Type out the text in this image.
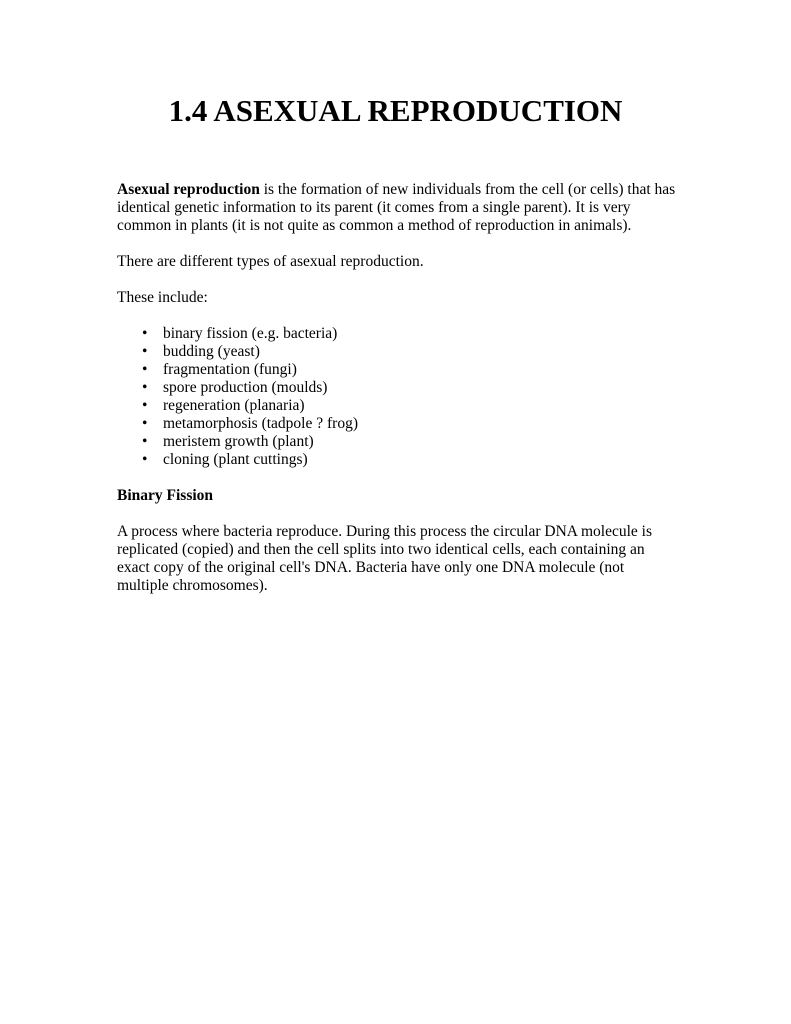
1.4 ASEXUAL REPRODUCTION

Asexual reproduction is the formation of new individuals from the cell (or cells) that has identical genetic information to its parent (it comes from a single parent). It is very common in plants (it is not quite as common a method of reproduction in animals).

There are different types of asexual reproduction.

These include:

• binary fission (e.g. bacteria)
• budding (yeast)
• fragmentation (fungi)
• spore production (moulds)
• regeneration (planaria)
• metamorphosis (tadpole ? frog)
• meristem growth (plant)
• cloning (plant cuttings)

Binary Fission

A process where bacteria reproduce. During this process the circular DNA molecule is replicated (copied) and then the cell splits into two identical cells, each containing an exact copy of the original cell's DNA. Bacteria have only one DNA molecule (not multiple chromosomes).
